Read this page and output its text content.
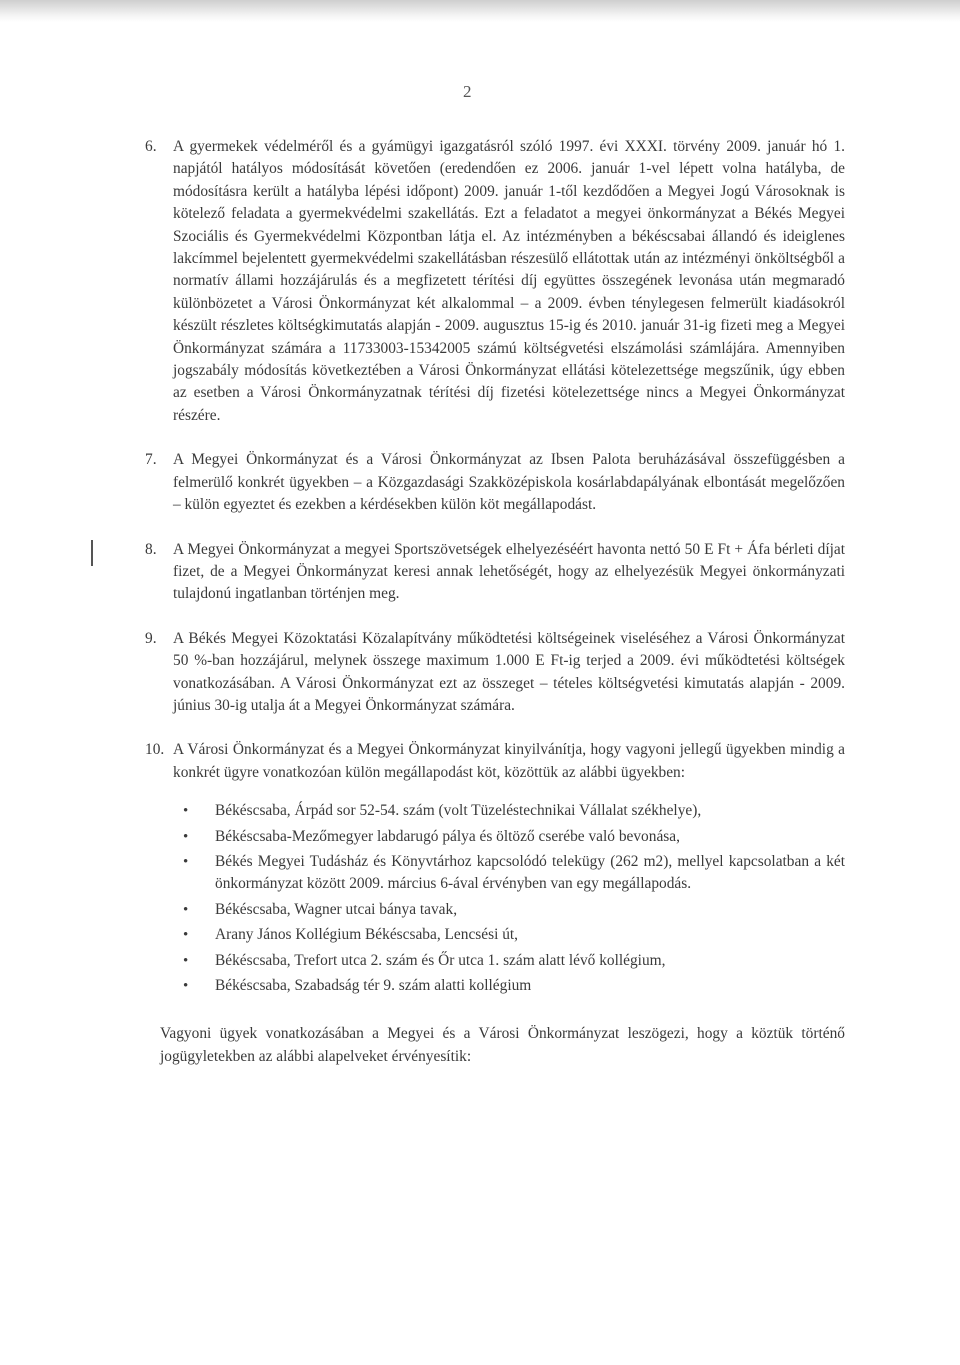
2
6.	A gyermekek védelméről és a gyámügyi igazgatásról szóló 1997. évi XXXI. törvény 2009. január hó 1. napjától hatályos módosítását követően (eredendően ez 2006. január 1-vel lépett volna hatályba, de módosításra került a hatályba lépési időpont) 2009. január 1-től kezdődően a Megyei Jogú Városoknak is kötelező feladata a gyermekvédelmi szakellátás. Ezt a feladatot a megyei önkormányzat a Békés Megyei Szociális és Gyermekvédelmi Központban látja el. Az intézményben a békéscsabai állandó és ideiglenes lakcímmel bejelentett gyermekvédelmi szakellátásban részesülő ellátottak után az intézményi önköltségből a normatív állami hozzájárulás és a megfizetett térítési díj együttes összegének levonása után megmaradó különbözetet a Városi Önkormányzat két alkalommal – a 2009. évben ténylegesen felmerült kiadásokról készült részletes költségkimutatás alapján - 2009. augusztus 15-ig és 2010. január 31-ig fizeti meg a Megyei Önkormányzat számára a 11733003-15342005 számú költségvetési elszámolási számlájára. Amennyiben jogszabály módosítás következtében a Városi Önkormányzat ellátási kötelezettsége megszűnik, úgy ebben az esetben a Városi Önkormányzatnak térítési díj fizetési kötelezettsége nincs a Megyei Önkormányzat részére.
7.	A Megyei Önkormányzat és a Városi Önkormányzat az Ibsen Palota beruházásával összefüggésben a felmerülő konkrét ügyekben – a Közgazdasági Szakközépiskola kosárlabdapályának elbontását megelőzően – külön egyeztet és ezekben a kérdésekben külön köt megállapodást.
8.	A Megyei Önkormányzat a megyei Sportszövetségek elhelyezéséért havonta nettó 50 E Ft + Áfa bérleti díjat fizet, de a Megyei Önkormányzat keresi annak lehetőségét, hogy az elhelyezésük Megyei önkormányzati tulajdonú ingatlanban történjen meg.
9.	A Békés Megyei Közoktatási Közalapítvány működtetési költségeinek viseléséhez a Városi Önkormányzat 50 %-ban hozzájárul, melynek összege maximum 1.000 E Ft-ig terjed a 2009. évi működtetési költségek vonatkozásában. A Városi Önkormányzat ezt az összeget – tételes költségvetési kimutatás alapján - 2009. június 30-ig utalja át a Megyei Önkormányzat számára.
10. A Városi Önkormányzat és a Megyei Önkormányzat kinyilvánítja, hogy vagyoni jellegű ügyekben mindig a konkrét ügyre vonatkozóan külön megállapodást köt, közöttük az alábbi ügyekben:
• Békéscsaba, Árpád sor 52-54. szám (volt Tüzeléstechnikai Vállalat székhelye),
• Békéscsaba-Mezőmegyer labdarugó pálya és öltöző cserébe való bevonása,
• Békés Megyei Tudásház és Könyvtárhoz kapcsolódó telekügy (262 m2), mellyel kapcsolatban a két önkormányzat között 2009. március 6-ával érvényben van egy megállapodás.
• Békéscsaba, Wagner utcai bánya tavak,
• Arany János Kollégium Békéscsaba, Lencsési út,
• Békéscsaba, Trefort utca 2. szám és Őr utca 1. szám alatt lévő kollégium,
• Békéscsaba, Szabadság tér 9. szám alatti kollégium
Vagyoni ügyek vonatkozásában a Megyei és a Városi Önkormányzat leszögezi, hogy a köztük történő jogügyletekben az alábbi alapelveket érvényesítik:
